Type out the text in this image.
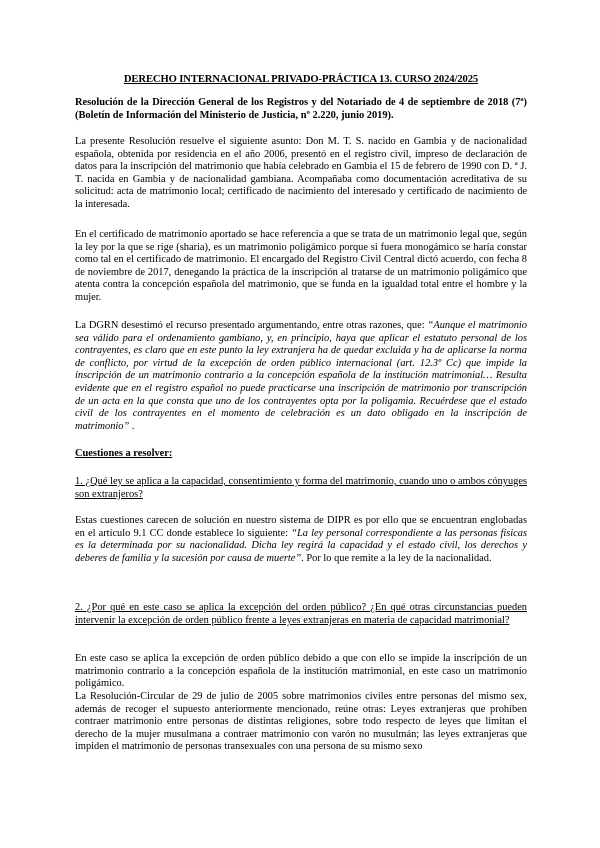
DERECHO INTERNACIONAL PRIVADO-PRÁCTICA 13. CURSO 2024/2025

Resolución de la Dirección General de los Registros y del Notariado de 4 de septiembre de 2018 (7ª) (Boletín de Información del Ministerio de Justicia, nº 2.220, junio 2019).

La presente Resolución resuelve el siguiente asunto: Don M. T. S. nacido en Gambia y de nacionalidad española, obtenida por residencia en el año 2006, presentó en el registro civil, impreso de declaración de datos para la inscripción del matrimonio que había celebrado en Gambia el 15 de febrero de 1990 con D. ª J. T. nacida en Gambia y de nacionalidad gambiana. Acompañaba como documentación acreditativa de su solicitud: acta de matrimonio local; certificado de nacimiento del interesado y certificado de nacimiento de la interesada.

En el certificado de matrimonio aportado se hace referencia a que se trata de un matrimonio legal que, según la ley por la que se rige (sharia), es un matrimonio poligámico porque si fuera monogámico se haría constar como tal en el certificado de matrimonio. El encargado del Registro Civil Central dictó acuerdo, con fecha 8 de noviembre de 2017, denegando la práctica de la inscripción al tratarse de un matrimonio poligámico que atenta contra la concepción española del matrimonio, que se funda en la igualdad total entre el hombre y la mujer.

La DGRN desestimó el recurso presentado argumentando, entre otras razones, que: “Aunque el matrimonio sea válido para el ordenamiento gambiano, y, en principio, haya que aplicar el estatuto personal de los contrayentes, es claro que en este punto la ley extranjera ha de quedar excluida y ha de aplicarse la norma de conflicto, por virtud de la excepción de orden público internacional (art. 12.3º Cc) que impide la inscripción de un matrimonio contrario a la concepción española de la institución matrimonial… Resulta evidente que en el registro español no puede practicarse una inscripción de matrimonio por transcripción de un acta en la que consta que uno de los contrayentes opta por la poligamia. Recuérdese que el estado civil de los contrayentes en el momento de celebración es un dato obligado en la inscripción de matrimonio” .

Cuestiones a resolver:

1. ¿Qué ley se aplica a la capacidad, consentimiento y forma del matrimonio, cuando uno o ambos cónyuges son extranjeros?

Estas cuestiones carecen de solución en nuestro sistema de DIPR es por ello que se encuentran englobadas en el artículo 9.1 CC donde establece lo siguiente: “La ley personal correspondiente a las personas físicas es la determinada por su nacionalidad. Dicha ley regirá la capacidad y el estado civil, los derechos y deberes de familia y la sucesión por causa de muerte”. Por lo que remite a la ley de la nacionalidad.

2. ¿Por qué en este caso se aplica la excepción del orden público? ¿En qué otras circunstancias pueden intervenir la excepción de orden público frente a leyes extranjeras en materia de capacidad matrimonial?

En este caso se aplica la excepción de orden público debido a que con ello se impide la inscripción de un matrimonio contrario a la concepción española de la institución matrimonial, en este caso un matrimonio poligámico.

La Resolución-Circular de 29 de julio de 2005 sobre matrimonios civiles entre personas del mismo sex, además de recoger el supuesto anteriormente mencionado, reúne otras: Leyes extranjeras que prohíben contraer matrimonio entre personas de distintas religiones, sobre todo respecto de leyes que limitan el derecho de la mujer musulmana a contraer matrimonio con varón no musulmán; las leyes extranjeras que impiden el matrimonio de personas transexuales con una persona de su mismo sexo
